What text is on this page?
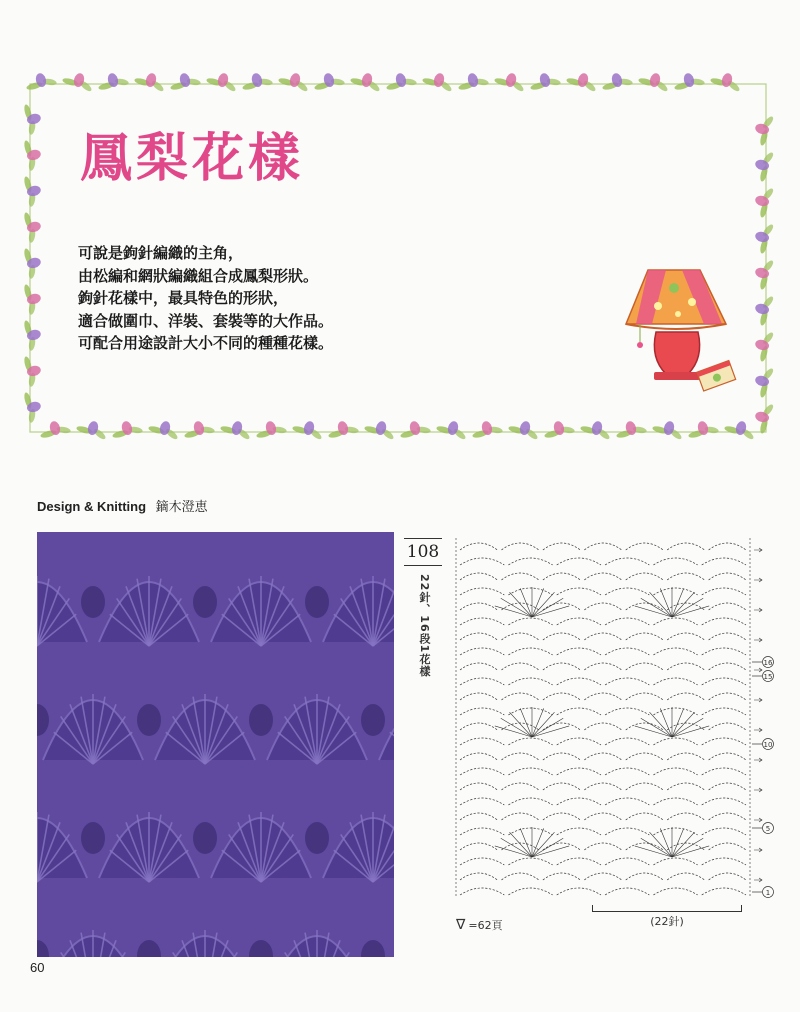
鳳梨花樣

可說是鉤針編織的主角，

由松編和網狀編織組合成鳳梨形狀。

鉤針花樣中，最具特色的形狀，

適合做圍巾、洋裝、套裝等的大作品。

可配合用途設計大小不同的種種花樣。

Design & Knitting 鏑木澄恵
108
22針、16段1花樣	16
15
10
5
1
∇ =62頁	(22針)
60
